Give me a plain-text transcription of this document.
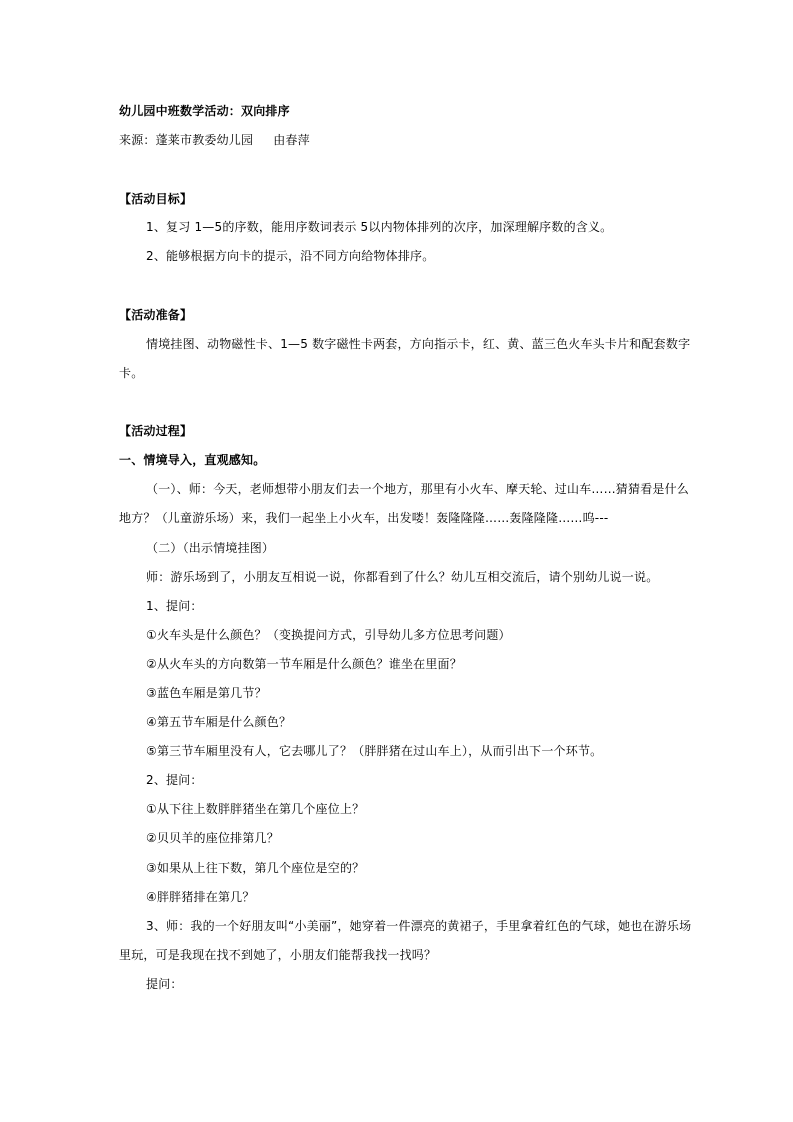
幼儿园中班数学活动：双向排序
来源：蓬莱市教委幼儿园 由春萍
【活动目标】
1、复习 1—5的序数，能用序数词表示 5以内物体排列的次序，加深理解序数的含义。
2、能够根据方向卡的提示，沿不同方向给物体排序。
【活动准备】
情境挂图、动物磁性卡、1—5 数字磁性卡两套，方向指示卡，红、黄、蓝三色火车头卡片和配套数字
卡。
【活动过程】
一、情境导入，直观感知。
（一）、师：今天，老师想带小朋友们去一个地方，那里有小火车、摩天轮、过山车……猜猜看是什么
地方？（儿童游乐场）来，我们一起坐上小火车，出发喽！轰隆隆隆……轰隆隆隆……呜---
（二）（出示情境挂图）
师：游乐场到了，小朋友互相说一说，你都看到了什么？幼儿互相交流后，请个别幼儿说一说。
1、提问：
①火车头是什么颜色？（变换提问方式，引导幼儿多方位思考问题）
②从火车头的方向数第一节车厢是什么颜色？谁坐在里面？
③蓝色车厢是第几节？
④第五节车厢是什么颜色？
⑤第三节车厢里没有人，它去哪儿了？（胖胖猪在过山车上），从而引出下一个环节。
2、提问：
①从下往上数胖胖猪坐在第几个座位上？
②贝贝羊的座位排第几？
③如果从上往下数，第几个座位是空的？
④胖胖猪排在第几？
3、师：我的一个好朋友叫“小美丽”，她穿着一件漂亮的黄裙子，手里拿着红色的气球，她也在游乐场
里玩，可是我现在找不到她了，小朋友们能帮我找一找吗？
提问：
